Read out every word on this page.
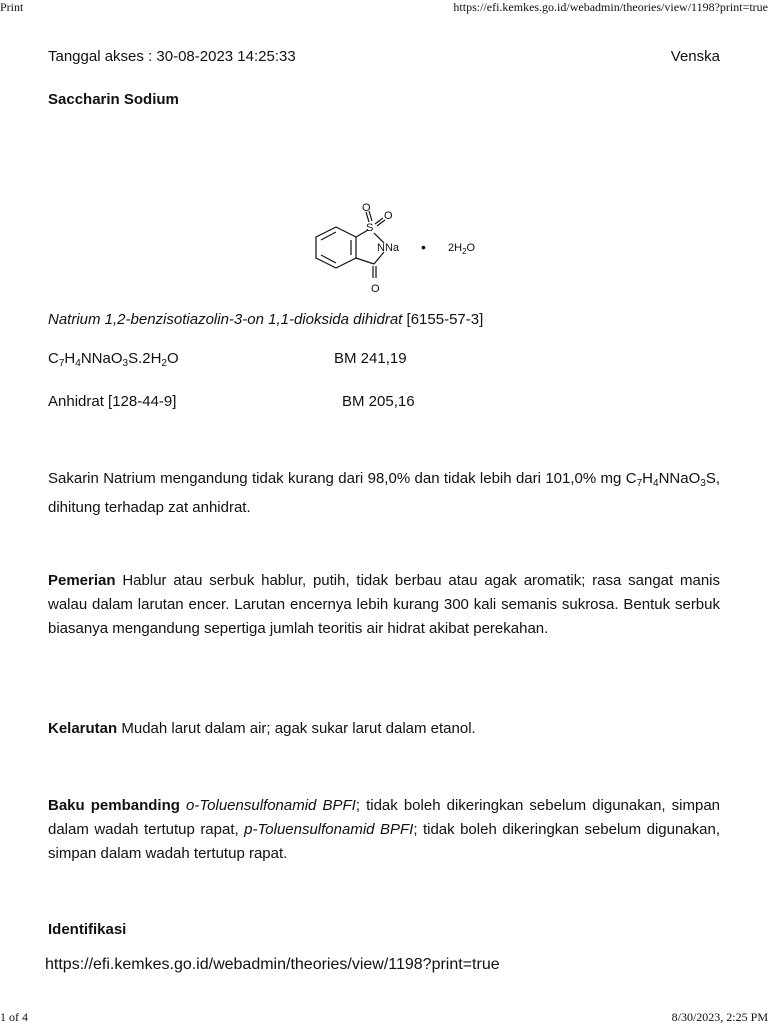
Print	https://efi.kemkes.go.id/webadmin/theories/view/1198?print=true
Tanggal akses : 30-08-2023 14:25:33	Venska
Saccharin Sodium
O
O
S
NNa
O
• $2H_2O$
Natrium 1,2-benzisotiazolin-3-on 1,1-dioksida dihidrat [6155-57-3]
$C_7H_4NNaO_3S.2H_2O$	BM 241,19
Anhidrat [128-44-9]	BM 205,16
Sakarin Natrium mengandung tidak kurang dari 98,0% dan tidak lebih dari 101,0% mg $C_7H_4NNaO_3S$, dihitung terhadap zat anhidrat.
Pemerian Hablur atau serbuk hablur, putih, tidak berbau atau agak aromatik; rasa sangat manis walau dalam larutan encer. Larutan encernya lebih kurang 300 kali semanis sukrosa. Bentuk serbuk biasanya mengandung sepertiga jumlah teoritis air hidrat akibat perekahan.
Kelarutan Mudah larut dalam air; agak sukar larut dalam etanol.
Baku pembanding o-Toluensulfonamid BPFI; tidak boleh dikeringkan sebelum digunakan, simpan dalam wadah tertutup rapat, p-Toluensulfonamid BPFI; tidak boleh dikeringkan sebelum digunakan, simpan dalam wadah tertutup rapat.
Identifikasi
https://efi.kemkes.go.id/webadmin/theories/view/1198?print=true
1 of 4	8/30/2023, 2:25 PM
